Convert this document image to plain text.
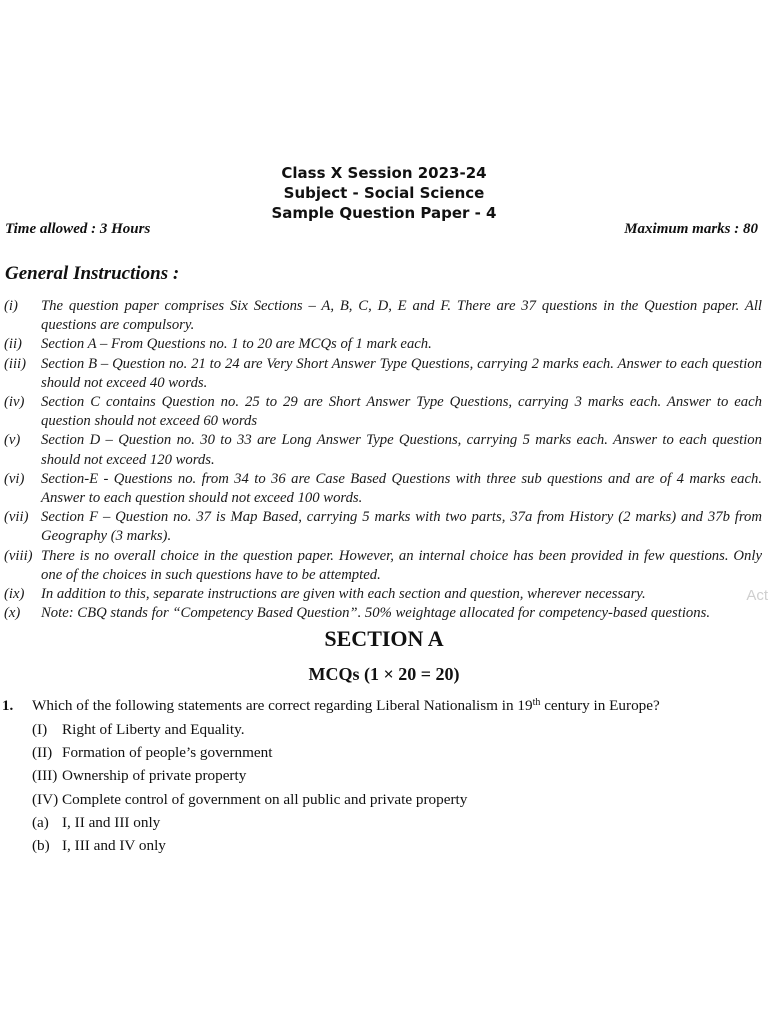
Class X Session 2023-24
Subject - Social Science
Sample Question Paper - 4
Time allowed : 3 Hours	Maximum marks : 80
General Instructions :
(i)	The question paper comprises Six Sections – A, B, C, D, E and F. There are 37 questions in the Question paper. All questions are compulsory.
(ii)	Section A – From Questions no. 1 to 20 are MCQs of 1 mark each.
(iii)	Section B – Question no. 21 to 24 are Very Short Answer Type Questions, carrying 2 marks each. Answer to each question should not exceed 40 words.
(iv)	Section C contains Question no. 25 to 29 are Short Answer Type Questions, carrying 3 marks each. Answer to each question should not exceed 60 words
(v)	Section D – Question no. 30 to 33 are Long Answer Type Questions, carrying 5 marks each. Answer to each question should not exceed 120 words.
(vi)	Section-E - Questions no. from 34 to 36 are Case Based Questions with three sub questions and are of 4 marks each. Answer to each question should not exceed 100 words.
(vii) Section F – Question no. 37 is Map Based, carrying 5 marks with two parts, 37a from History (2 marks) and 37b from Geography (3 marks).
(viii) There is no overall choice in the question paper. However, an internal choice has been provided in few questions. Only one of the choices in such questions have to be attempted.
(ix)	In addition to this, separate instructions are given with each section and question, wherever necessary.
(x)	Note: CBQ stands for “Competency Based Question”. 50% weightage allocated for competency-based questions.
Act
SECTION A
MCQs (1 × 20 = 20)
1. Which of the following statements are correct regarding Liberal Nationalism in 19th century in Europe?
(I) Right of Liberty and Equality.
(II) Formation of people’s government
(III) Ownership of private property
(IV) Complete control of government on all public and private property
(a) I, II and III only
(b) I, III and IV only
